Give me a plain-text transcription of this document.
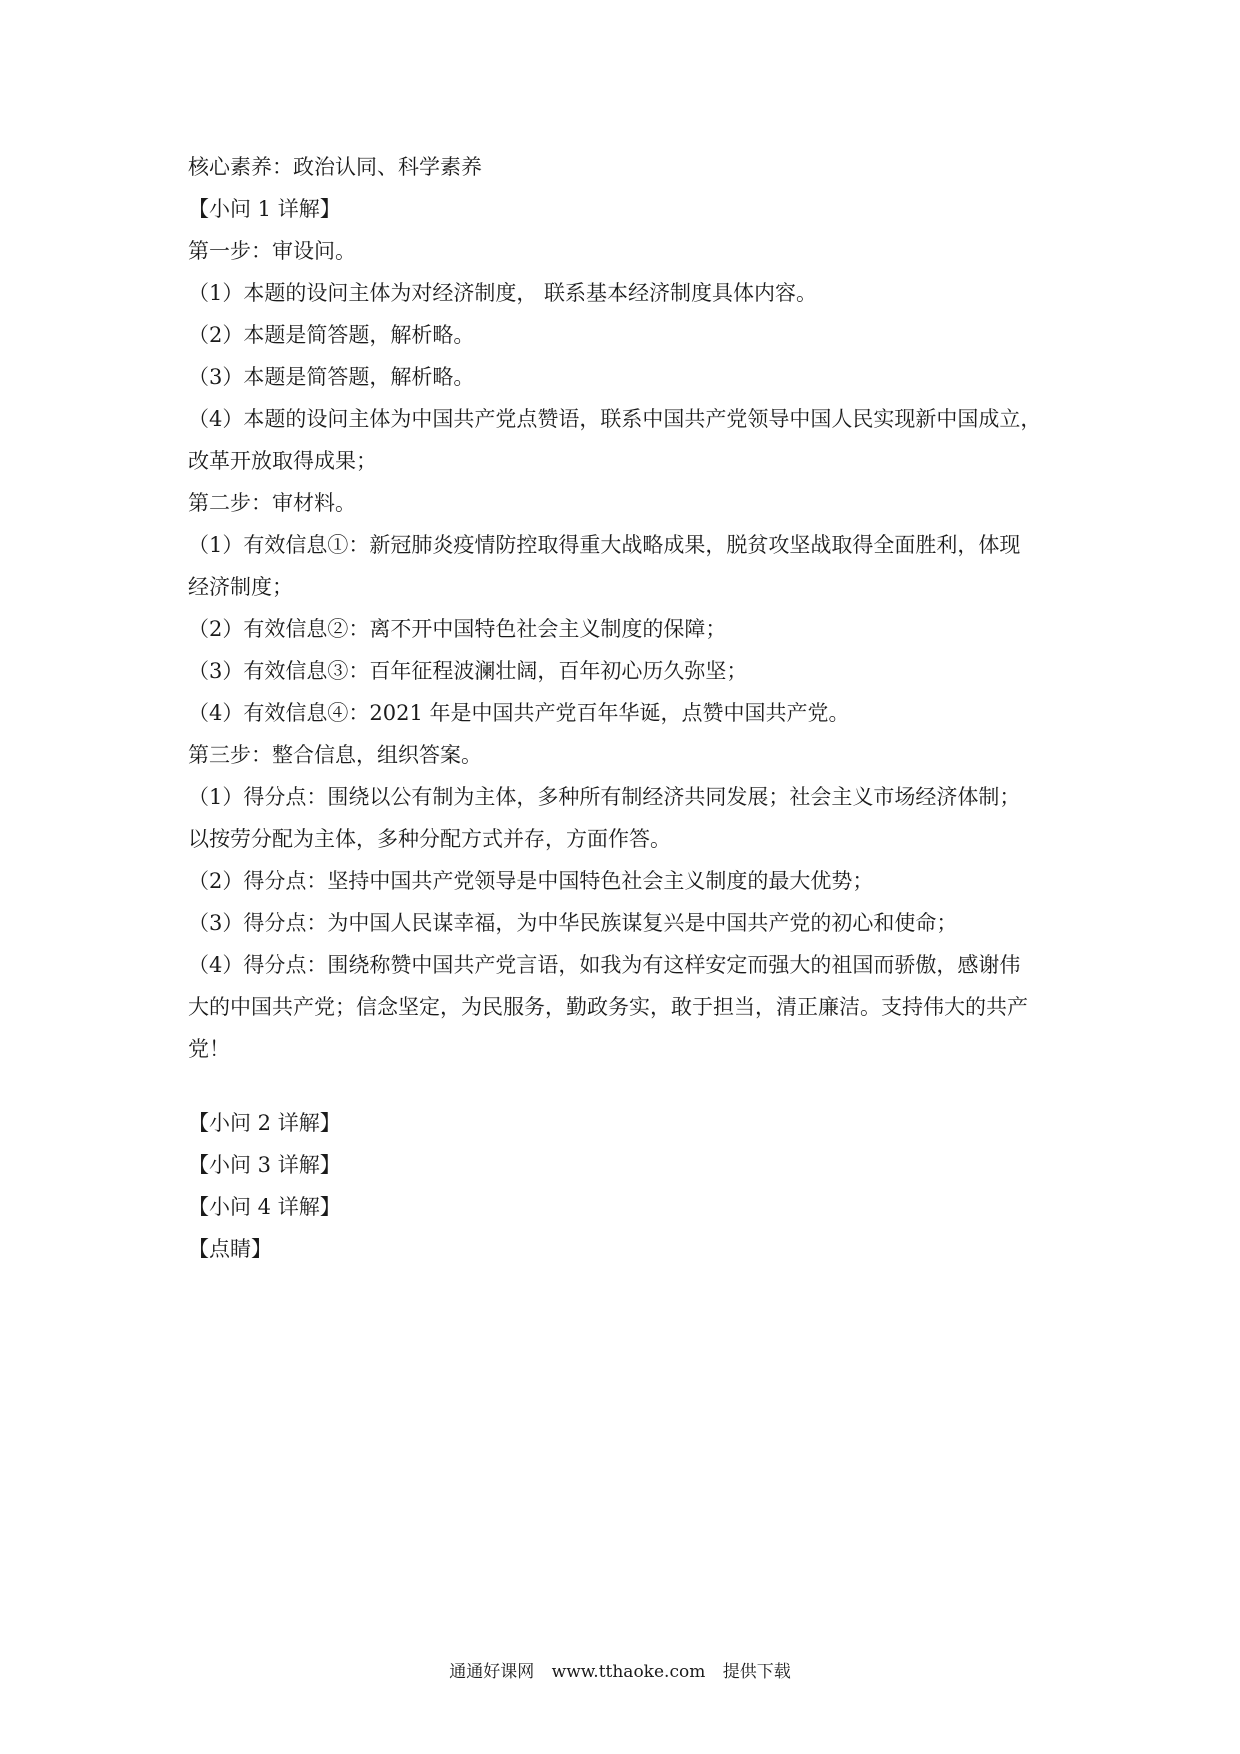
核心素养：政治认同、科学素养
【小问 1 详解】
第一步：审设问。
（1）本题的设问主体为对经济制度， 联系基本经济制度具体内容。
（2）本题是简答题，解析略。
（3）本题是简答题，解析略。
（4）本题的设问主体为中国共产党点赞语，联系中国共产党领导中国人民实现新中国成立，
改革开放取得成果；
第二步：审材料。
（1）有效信息①：新冠肺炎疫情防控取得重大战略成果，脱贫攻坚战取得全面胜利，体现
经济制度；
（2）有效信息②：离不开中国特色社会主义制度的保障；
（3）有效信息③：百年征程波澜壮阔，百年初心历久弥坚；
（4）有效信息④：2021 年是中国共产党百年华诞，点赞中国共产党。
第三步：整合信息，组织答案。
（1）得分点：围绕以公有制为主体，多种所有制经济共同发展；社会主义市场经济体制；
以按劳分配为主体，多种分配方式并存，方面作答。
（2）得分点：坚持中国共产党领导是中国特色社会主义制度的最大优势；
（3）得分点：为中国人民谋幸福，为中华民族谋复兴是中国共产党的初心和使命；
（4）得分点：围绕称赞中国共产党言语，如我为有这样安定而强大的祖国而骄傲，感谢伟
大的中国共产党；信念坚定，为民服务，勤政务实，敢于担当，清正廉洁。支持伟大的共产
党！
【小问 2 详解】
【小问 3 详解】
【小问 4 详解】
【点睛】
通通好课网 www.tthaoke.com 提供下载
